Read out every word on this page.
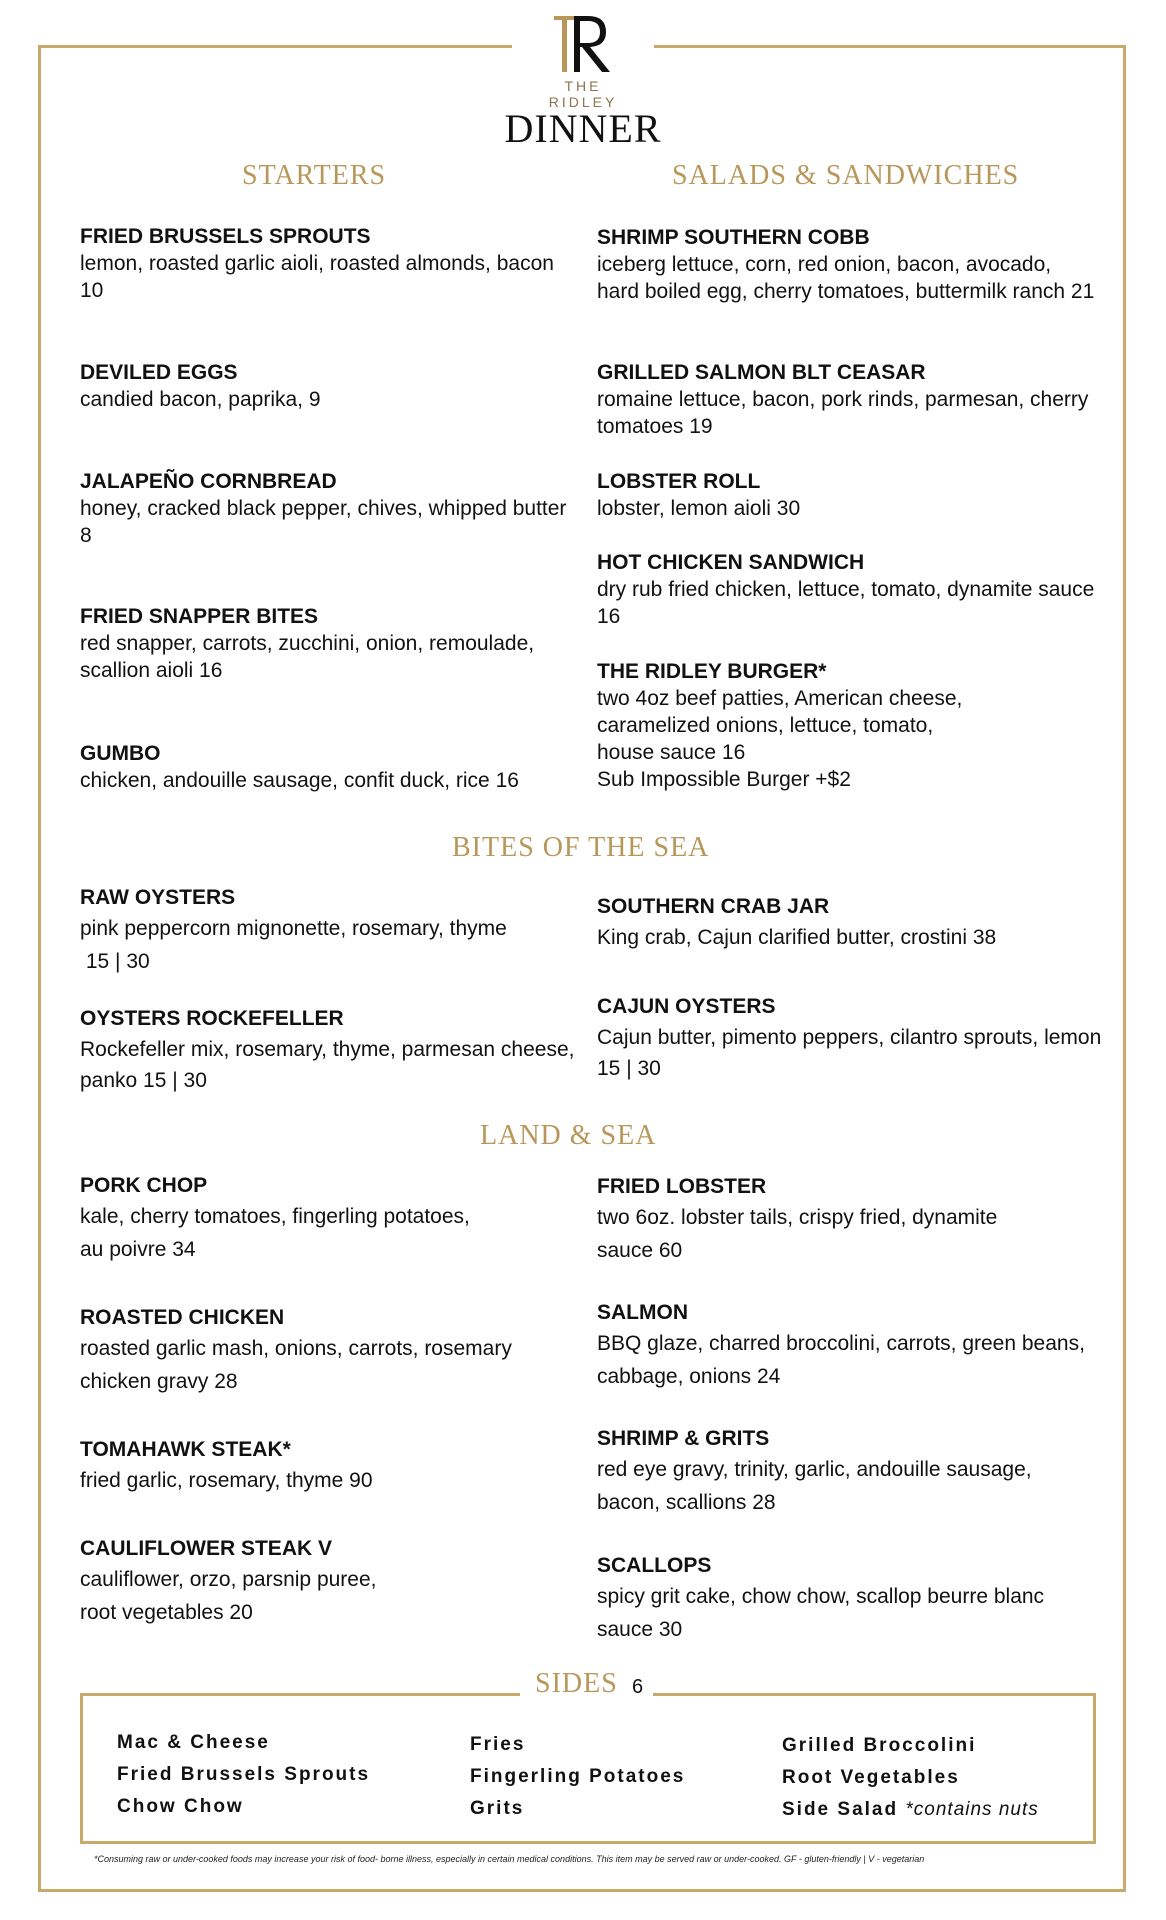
THE RIDLEY
DINNER
STARTERS
FRIED BRUSSELS SPROUTS
lemon, roasted garlic aioli, roasted almonds, bacon 10
DEVILED EGGS
candied bacon, paprika, 9
JALAPEÑO CORNBREAD
honey, cracked black pepper, chives, whipped butter 8
FRIED SNAPPER BITES
red snapper, carrots, zucchini, onion, remoulade, scallion aioli 16
GUMBO
chicken, andouille sausage, confit duck, rice 16
SALADS & SANDWICHES
SHRIMP SOUTHERN COBB
iceberg lettuce, corn, red onion, bacon, avocado, hard boiled egg, cherry tomatoes, buttermilk ranch 21
GRILLED SALMON BLT CEASAR
romaine lettuce, bacon, pork rinds, parmesan, cherry tomatoes 19
LOBSTER ROLL
lobster, lemon aioli 30
HOT CHICKEN SANDWICH
dry rub fried chicken, lettuce, tomato, dynamite sauce 16
THE RIDLEY BURGER*
two 4oz beef patties, American cheese,
caramelized onions, lettuce, tomato,
house sauce 16
Sub Impossible Burger +$2
BITES OF THE SEA
RAW OYSTERS
pink peppercorn mignonette, rosemary, thyme
15 | 30
OYSTERS ROCKEFELLER
Rockefeller mix, rosemary, thyme, parmesan cheese, panko 15 | 30
SOUTHERN CRAB JAR
King crab, Cajun clarified butter, crostini 38
CAJUN OYSTERS
Cajun butter, pimento peppers, cilantro sprouts, lemon 15 | 30
LAND & SEA
PORK CHOP
kale, cherry tomatoes, fingerling potatoes,
au poivre 34
ROASTED CHICKEN
roasted garlic mash, onions, carrots, rosemary
chicken gravy 28
TOMAHAWK STEAK*
fried garlic, rosemary, thyme 90
CAULIFLOWER STEAK V
cauliflower, orzo, parsnip puree,
root vegetables 20
FRIED LOBSTER
two 6oz. lobster tails, crispy fried, dynamite
sauce 60
SALMON
BBQ glaze, charred broccolini, carrots, green beans,
cabbage, onions 24
SHRIMP & GRITS
red eye gravy, trinity, garlic, andouille sausage,
bacon, scallions 28
SCALLOPS
spicy grit cake, chow chow, scallop beurre blanc
sauce 30
SIDES 6
Mac & Cheese
Fried Brussels Sprouts
Chow Chow
Fries
Fingerling Potatoes
Grits
Grilled Broccolini
Root Vegetables
Side Salad *contains nuts
*Consuming raw or under-cooked foods may increase your risk of food- borne illness, especially in certain medical conditions. This item may be served raw or under-cooked. GF - gluten-friendly | V - vegetarian
